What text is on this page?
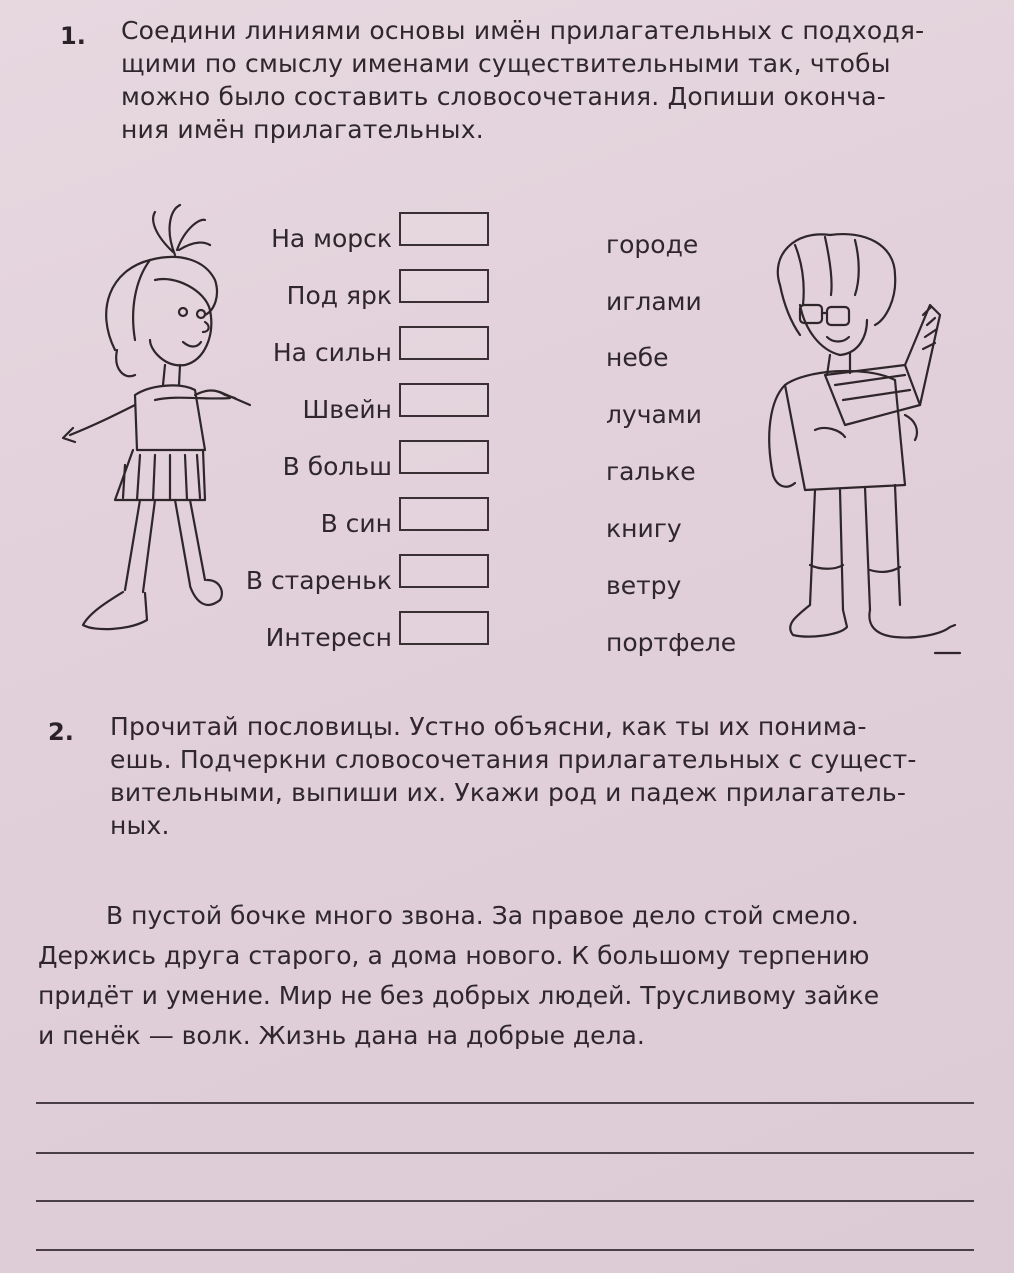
1. Соедини линиями основы имён прилагательных с подходя-
щими по смыслу именами существительными так, чтобы
можно было составить словосочетания. Допиши оконча-
ния имён прилагательных.
На морск
Под ярк
На сильн
Швейн
В больш
В син
В стареньк
Интересн
городе
иглами
небе
лучами
гальке
книгу
ветру
портфеле
2. Прочитай пословицы. Устно объясни, как ты их понима-
ешь. Подчеркни словосочетания прилагательных с сущест-
вительными, выпиши их. Укажи род и падеж прилагатель-
ных.
В пустой бочке много звона. За правое дело стой смело.
Держись друга старого, а дома нового. К большому терпению
придёт и умение. Мир не без добрых людей. Трусливому зайке
и пенёк — волк. Жизнь дана на добрые дела.
